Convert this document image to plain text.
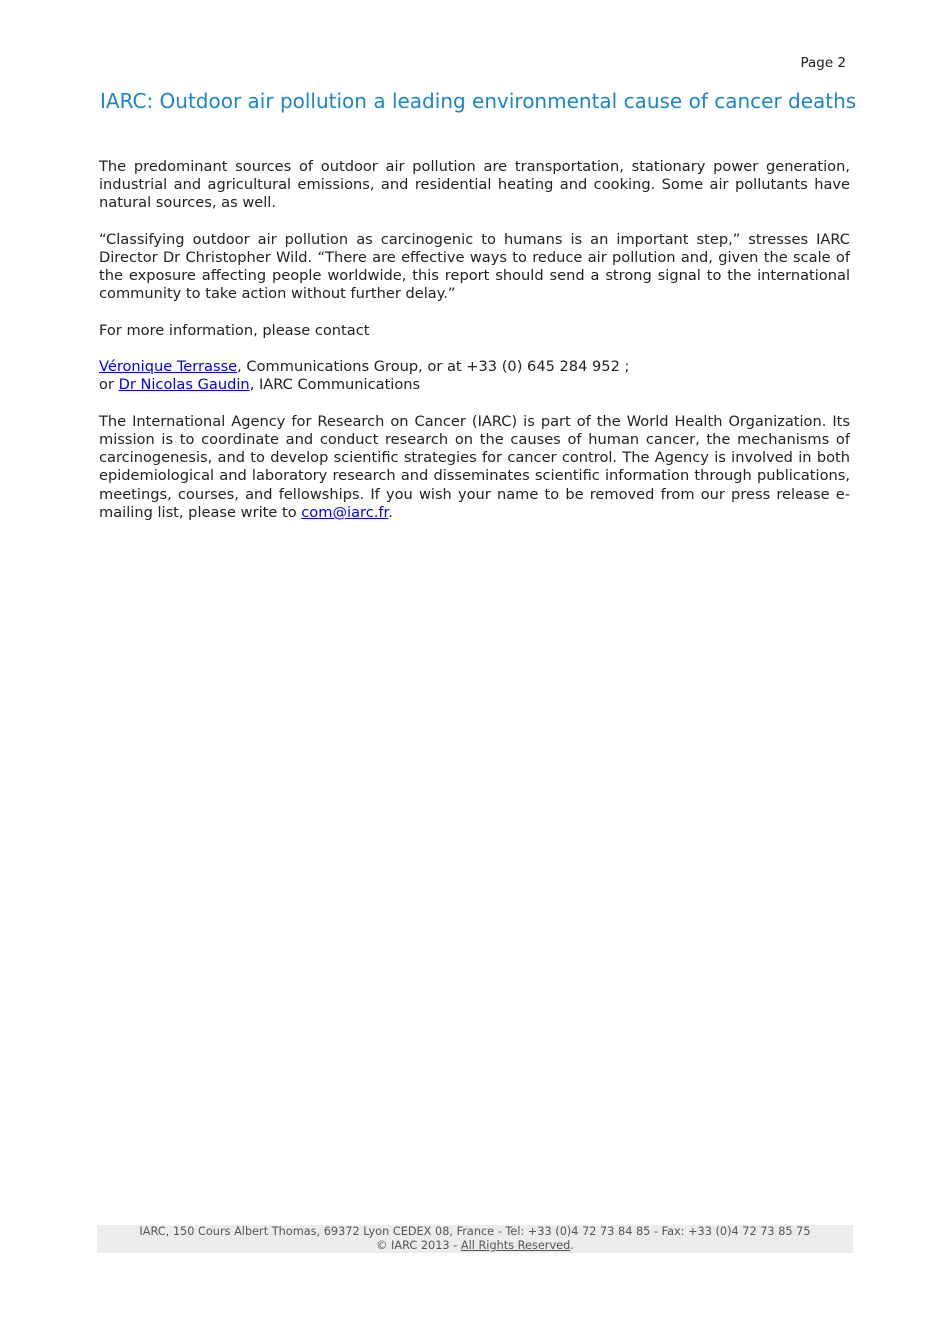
Page 2
IARC: Outdoor air pollution a leading environmental cause of cancer deaths

The predominant sources of outdoor air pollution are transportation, stationary power generation, industrial and agricultural emissions, and residential heating and cooking. Some air pollutants have natural sources, as well.

“Classifying outdoor air pollution as carcinogenic to humans is an important step,” stresses IARC Director Dr Christopher Wild. “There are effective ways to reduce air pollution and, given the scale of the exposure affecting people worldwide, this report should send a strong signal to the international community to take action without further delay.”

For more information, please contact

Véronique Terrasse, Communications Group, or at +33 (0) 645 284 952 ;
or Dr Nicolas Gaudin, IARC Communications

The International Agency for Research on Cancer (IARC) is part of the World Health Organization. Its mission is to coordinate and conduct research on the causes of human cancer, the mechanisms of carcinogenesis, and to develop scientific strategies for cancer control. The Agency is involved in both epidemiological and laboratory research and disseminates scientific information through publications, meetings, courses, and fellowships. If you wish your name to be removed from our press release e-mailing list, please write to com@iarc.fr.

IARC, 150 Cours Albert Thomas, 69372 Lyon CEDEX 08, France - Tel: +33 (0)4 72 73 84 85 - Fax: +33 (0)4 72 73 85 75
© IARC 2013 - All Rights Reserved.
